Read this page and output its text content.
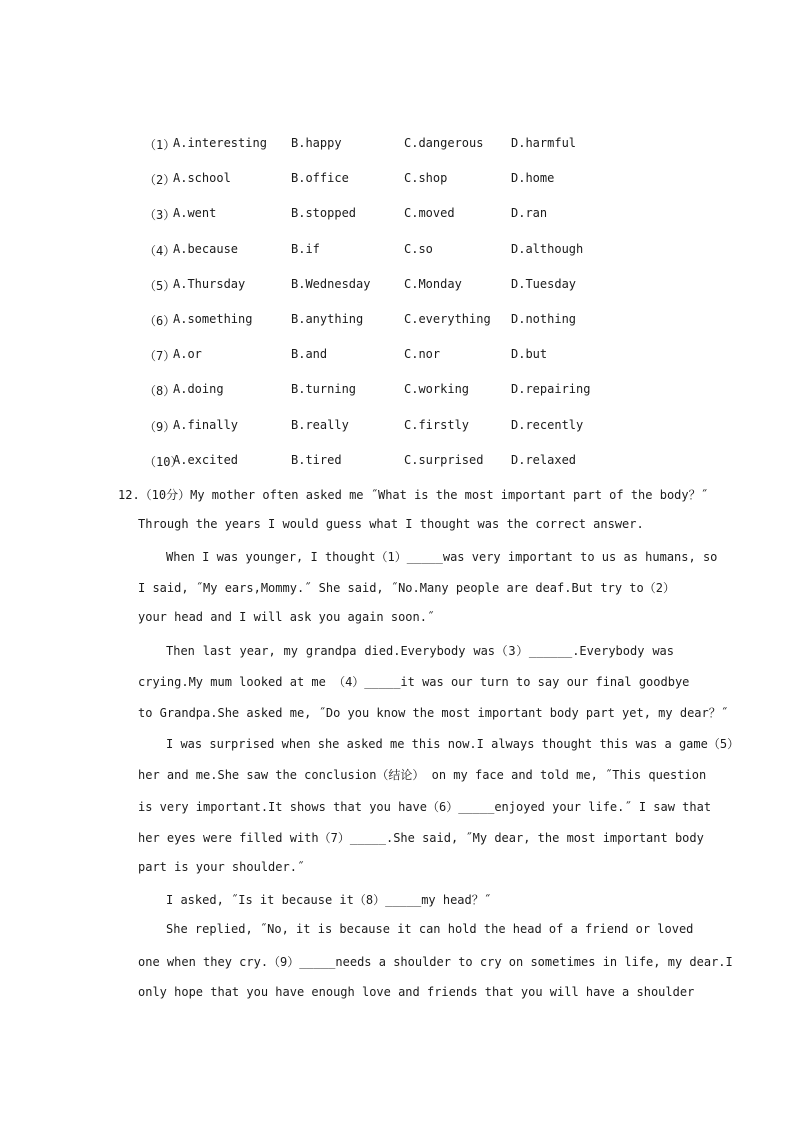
（1）
A.interesting	B.happy	C.dangerous	D.harmful
（2）
A.school	B.office	C.shop	D.home
（3）
A.went	B.stopped	C.moved	D.ran
（4）
A.because	B.if	C.so	D.although
（5）
A.Thursday	B.Wednesday	C.Monday	D.Tuesday
（6）
A.something	B.anything	C.everything	D.nothing
（7）
A.or	B.and	C.nor	D.but
（8）
A.doing	B.turning	C.working	D.repairing
（9）
A.finally	B.really	C.firstly	D.recently
（10）
A.excited	B.tired	C.surprised	D.relaxed
12.（10分）My mother often asked me ˝What is the most important part of the body？˝
Through the years I would guess what I thought was the correct answer.
When I was younger, I thought（1）_____was very important to us as humans, so
I said, ˝My ears,Mommy.˝ She said, ˝No.Many people are deaf.But try to（2）
your head and I will ask you again soon.˝
Then last year, my grandpa died.Everybody was（3）______.Everybody was
crying.My mum looked at me （4）_____it was our turn to say our final goodbye
to Grandpa.She asked me, ˝Do you know the most important body part yet, my dear？˝
I was surprised when she asked me this now.I always thought this was a game（5）
her and me.She saw the conclusion（结论） on my face and told me, ˝This question
is very important.It shows that you have（6）_____enjoyed your life.˝ I saw that
her eyes were filled with（7）_____.She said, ˝My dear, the most important body
part is your shoulder.˝
I asked, ˝Is it because it（8）_____my head？˝
She replied, ˝No, it is because it can hold the head of a friend or loved
one when they cry.（9）_____needs a shoulder to cry on sometimes in life, my dear.I
only hope that you have enough love and friends that you will have a shoulder
